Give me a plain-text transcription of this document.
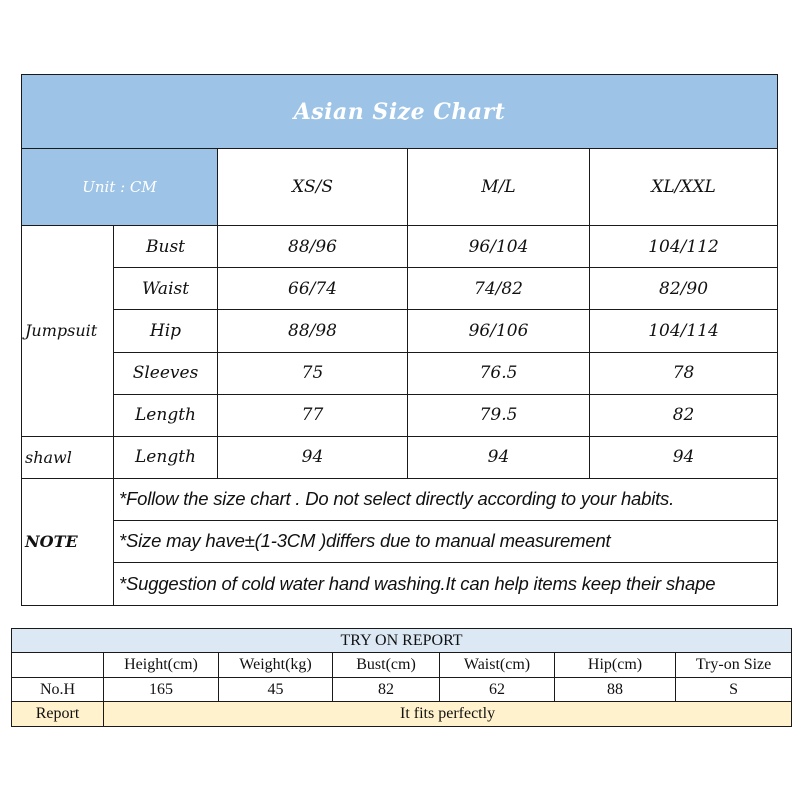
Asian Size Chart				
Unit : CM		XS/S	M/L	XL/XXL
Jumpsuit	Bust	88/96	96/104	104/112
	Waist	66/74	74/82	82/90
	Hip	88/98	96/106	104/114
	Sleeves	75	76.5	78
	Length	77	79.5	82
shawl	Length	94	94	94
NOTE	*Follow the size chart . Do not select directly according to your habits.			
	*Size may have±(1-3CM )differs due to manual measurement			
	*Suggestion of cold water hand washing.It can help items keep their shape			
TRY ON REPORT						
	Height(cm)	Weight(kg)	Bust(cm)	Waist(cm)	Hip(cm)	Try-on Size
No.H	165	45	82	62	88	S
Report	It fits perfectly					
